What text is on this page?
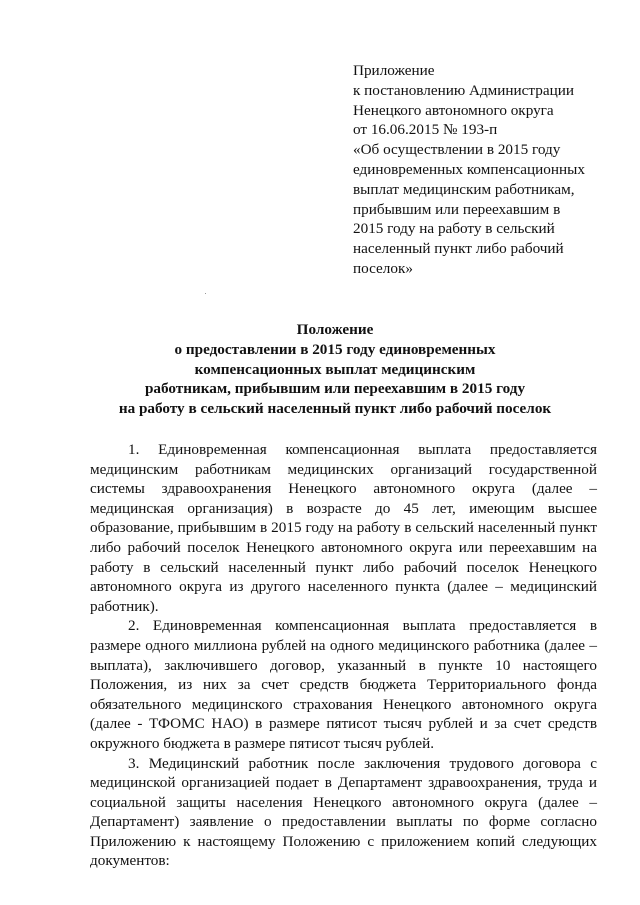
Приложение
к постановлению Администрации
Ненецкого автономного округа
от 16.06.2015 № 193-п
«Об осуществлении в 2015 году
единовременных компенсационных
выплат медицинским работникам,
прибывшим или переехавшим в
2015 году на работу в сельский
населенный пункт либо рабочий
поселок»
Положение
о предоставлении в 2015 году единовременных
компенсационных выплат медицинским
работникам, прибывшим или переехавшим в 2015 году
на работу в сельский населенный пункт либо рабочий поселок

1. Единовременная компенсационная выплата предоставляется медицинским работникам медицинских организаций государственной системы здравоохранения Ненецкого автономного округа (далее – медицинская организация) в возрасте до 45 лет, имеющим высшее образование, прибывшим в 2015 году на работу в сельский населенный пункт либо рабочий поселок Ненецкого автономного округа или переехавшим на работу в сельский населенный пункт либо рабочий поселок Ненецкого автономного округа из другого населенного пункта (далее – медицинский работник).

2. Единовременная компенсационная выплата предоставляется в размере одного миллиона рублей на одного медицинского работника (далее – выплата), заключившего договор, указанный в пункте 10 настоящего Положения, из них за счет средств бюджета Территориального фонда обязательного медицинского страхования Ненецкого автономного округа (далее - ТФОМС НАО) в размере пятисот тысяч рублей и за счет средств окружного бюджета в размере пятисот тысяч рублей.

3. Медицинский работник после заключения трудового договора с медицинской организацией подает в Департамент здравоохранения, труда и социальной защиты населения Ненецкого автономного округа (далее – Департамент) заявление о предоставлении выплаты по форме согласно Приложению к настоящему Положению с приложением копий следующих документов:
